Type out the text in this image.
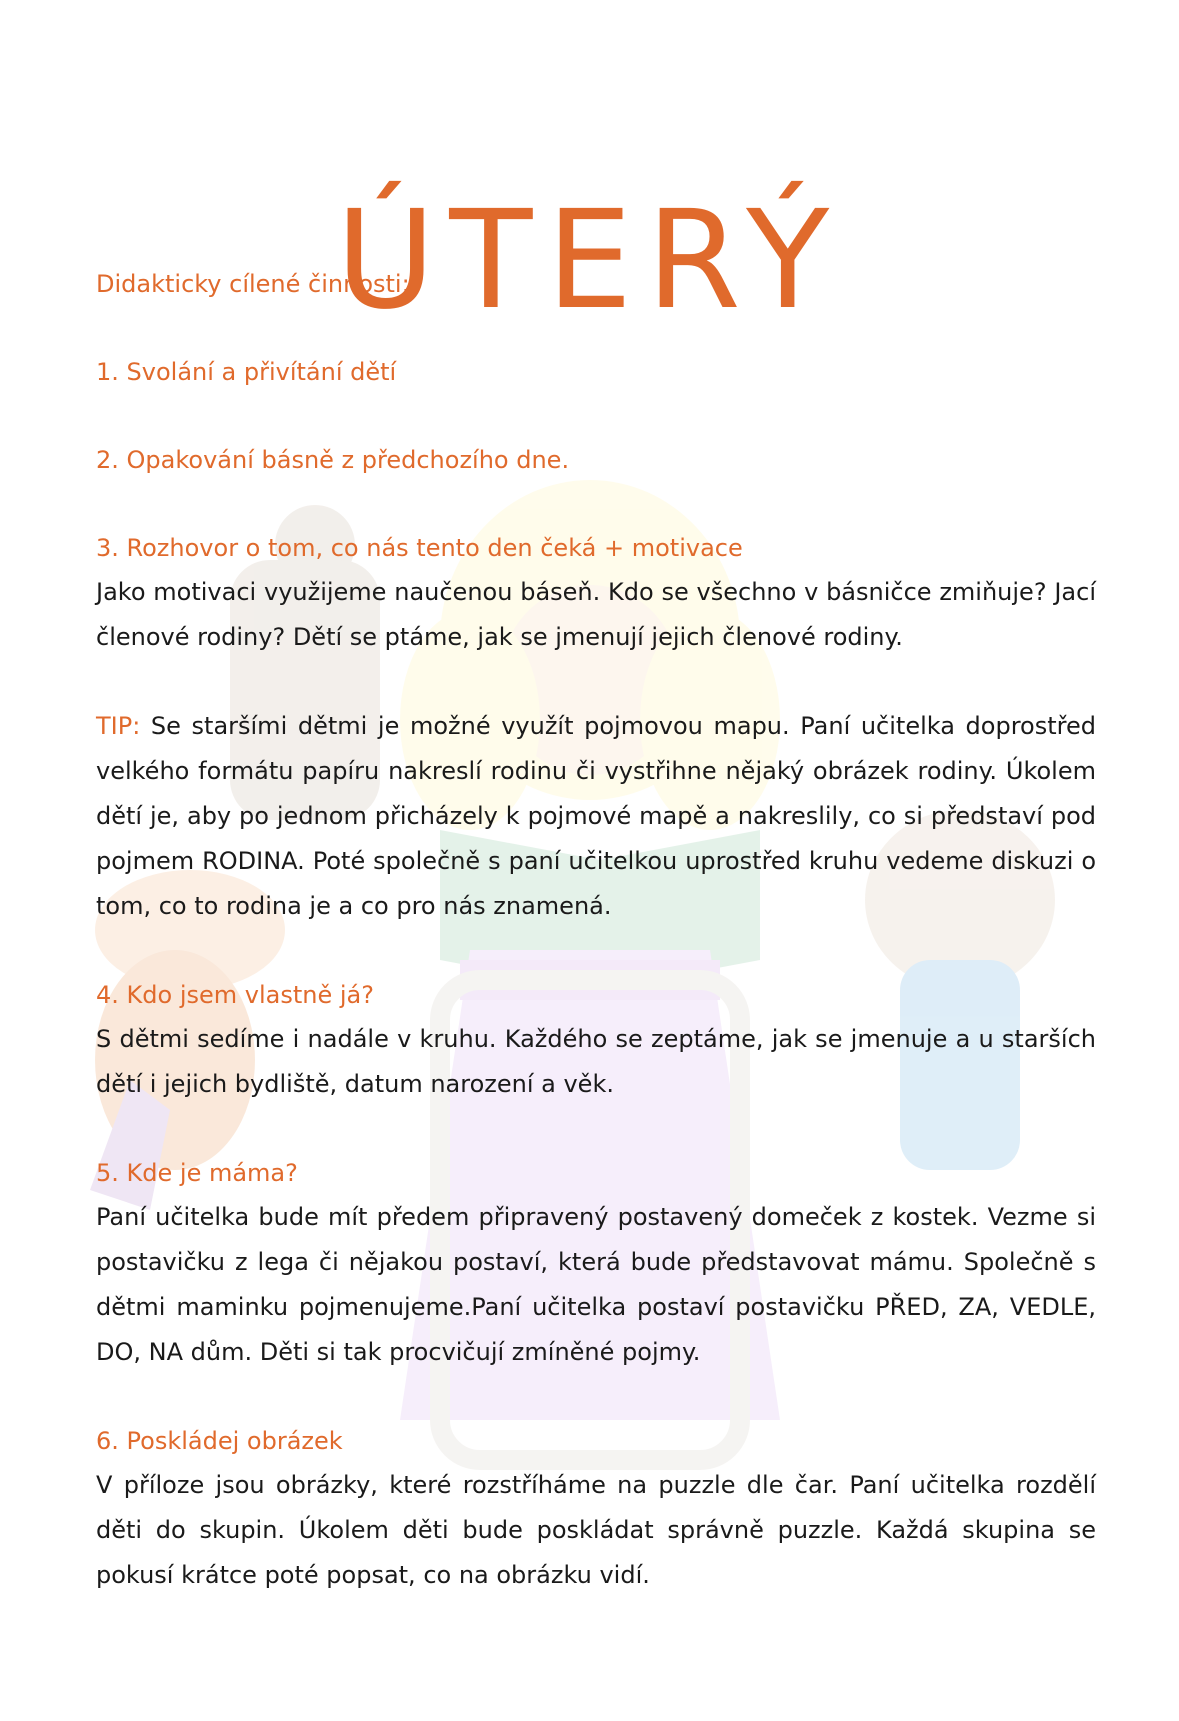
ÚTERÝ

Didakticky cílené činnosti:

1. Svolání a přivítání dětí

2. Opakování básně z předchozího dne.

3. Rozhovor o tom, co nás tento den čeká + motivace

Jako motivaci využijeme naučenou báseň. Kdo se všechno v básničce zmiňuje? Jací členové rodiny? Dětí se ptáme, jak se jmenují jejich členové rodiny.

TIP: Se staršími dětmi je možné využít pojmovou mapu. Paní učitelka doprostřed velkého formátu papíru nakreslí rodinu či vystřihne nějaký obrázek rodiny. Úkolem dětí je, aby po jednom přicházely k pojmové mapě a nakreslily, co si představí pod pojmem RODINA. Poté společně s paní učitelkou uprostřed kruhu vedeme diskuzi o tom, co to rodina je a co pro nás znamená.

4. Kdo jsem vlastně já?

S dětmi sedíme i nadále v kruhu. Každého se zeptáme, jak se jmenuje a u starších dětí i jejich bydliště, datum narození a věk.

5. Kde je máma?

Paní učitelka bude mít předem připravený postavený domeček z kostek. Vezme si postavičku z lega či nějakou postaví, která bude představovat mámu. Společně s dětmi maminku pojmenujeme.Paní učitelka postaví postavičku PŘED, ZA, VEDLE, DO, NA dům. Děti si tak procvičují zmíněné pojmy.

6. Poskládej obrázek

V příloze jsou obrázky, které rozstříháme na puzzle dle čar. Paní učitelka rozdělí děti do skupin. Úkolem děti bude poskládat správně puzzle. Každá skupina se pokusí krátce poté popsat, co na obrázku vidí.
